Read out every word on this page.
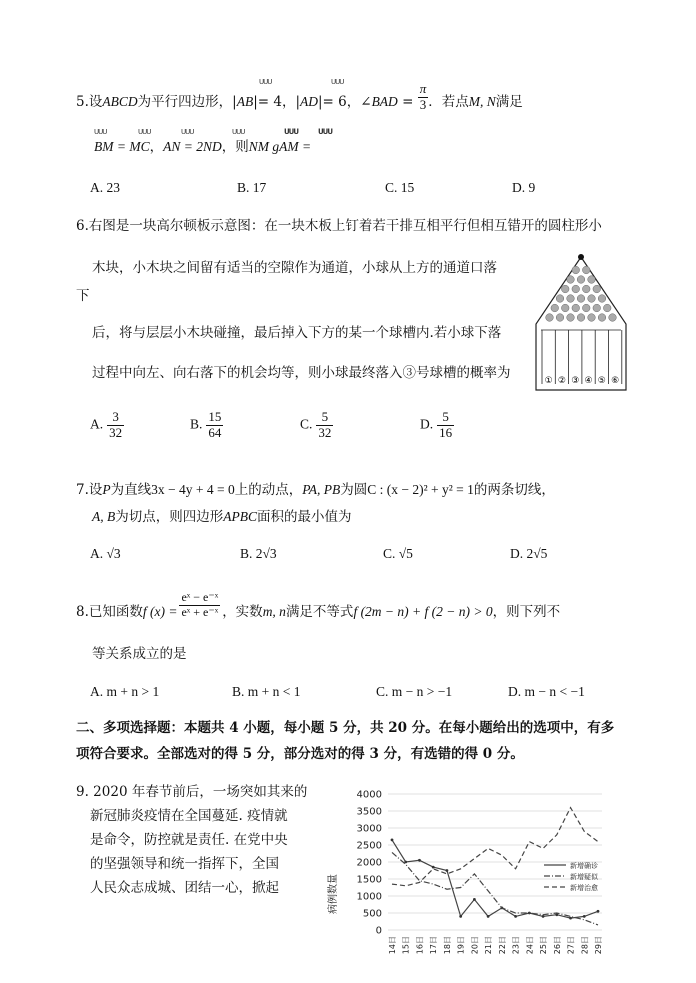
5.设ABCD为平行四边形，|AB|= 4，|AD|= 6，∠BAD = $\frac{\pi}{3}$ ．若点M, N满足
ᑌᑌᑌ	ᑌᑌᑌ
BM = MC，AN = 2ND，则NM gAM =
ᑌᑌᑌ	ᑌᑌᑌ	ᑌᑌᑌ	ᑌᑌᑌ	ᑌᑌᑌ	ᑌᑌᑌ
A. 23	B. 17	C. 15	D. 9
6.右图是一块高尔顿板示意图：在一块木板上钉着若干排互相平行但相互错开的圆柱形小
木块，小木块之间留有适当的空隙作为通道，小球从上方的通道口落
下
后，将与层层小木块碰撞，最后掉入下方的某一个球槽内.若小球下落
过程中向左、向右落下的机会均等，则小球最终落入③号球槽的概率为	① ② ③ ④ ⑤ ⑥
A. $\frac{3}{32}$	B. $\frac{15}{64}$	C. $\frac{5}{32}$	D. $\frac{5}{16}$
7.设P为直线3x − 4y + 4 = 0上的动点，PA, PB为圆C : (x − 2)² + y² = 1的两条切线，
A, B为切点，则四边形APBC面积的最小值为
A. √3	B. 2√3	C. √5	D. 2√5
8.已知函数f $(x) = \frac{\text{eˣ − e⁻ˣ}}{\text{eˣ + e⁻ˣ}}$ ，实数m, n满足不等式f (2m − n) + f (2 − n) > 0，则下列不
等关系成立的是
A. m + n > 1	B. m + n < 1	C. m − n > −1	D. m − n < −1
二、多项选择题：本题共 4 小题，每小题 5 分，共 20 分。在每小题给出的选项中，有多
项符合要求。全部选对的得 5 分，部分选对的得 3 分，有选错的得 0 分。
9. 2020 年春节前后，一场突如其来的
新冠肺炎疫情在全国蔓延. 疫情就
是命令，防控就是责任. 在党中央
的坚强领导和统一指挥下，全国
人民众志成城、团结一心，掀起	病例数量
4000
3500
3000
2500
2000
1500
1000
500
0
14日 15日 16日 17日 18日 19日 20日 21日 22日 23日 24日 25日 26日 27日 28日 29日
新增确诊
新增疑似
新增治愈
